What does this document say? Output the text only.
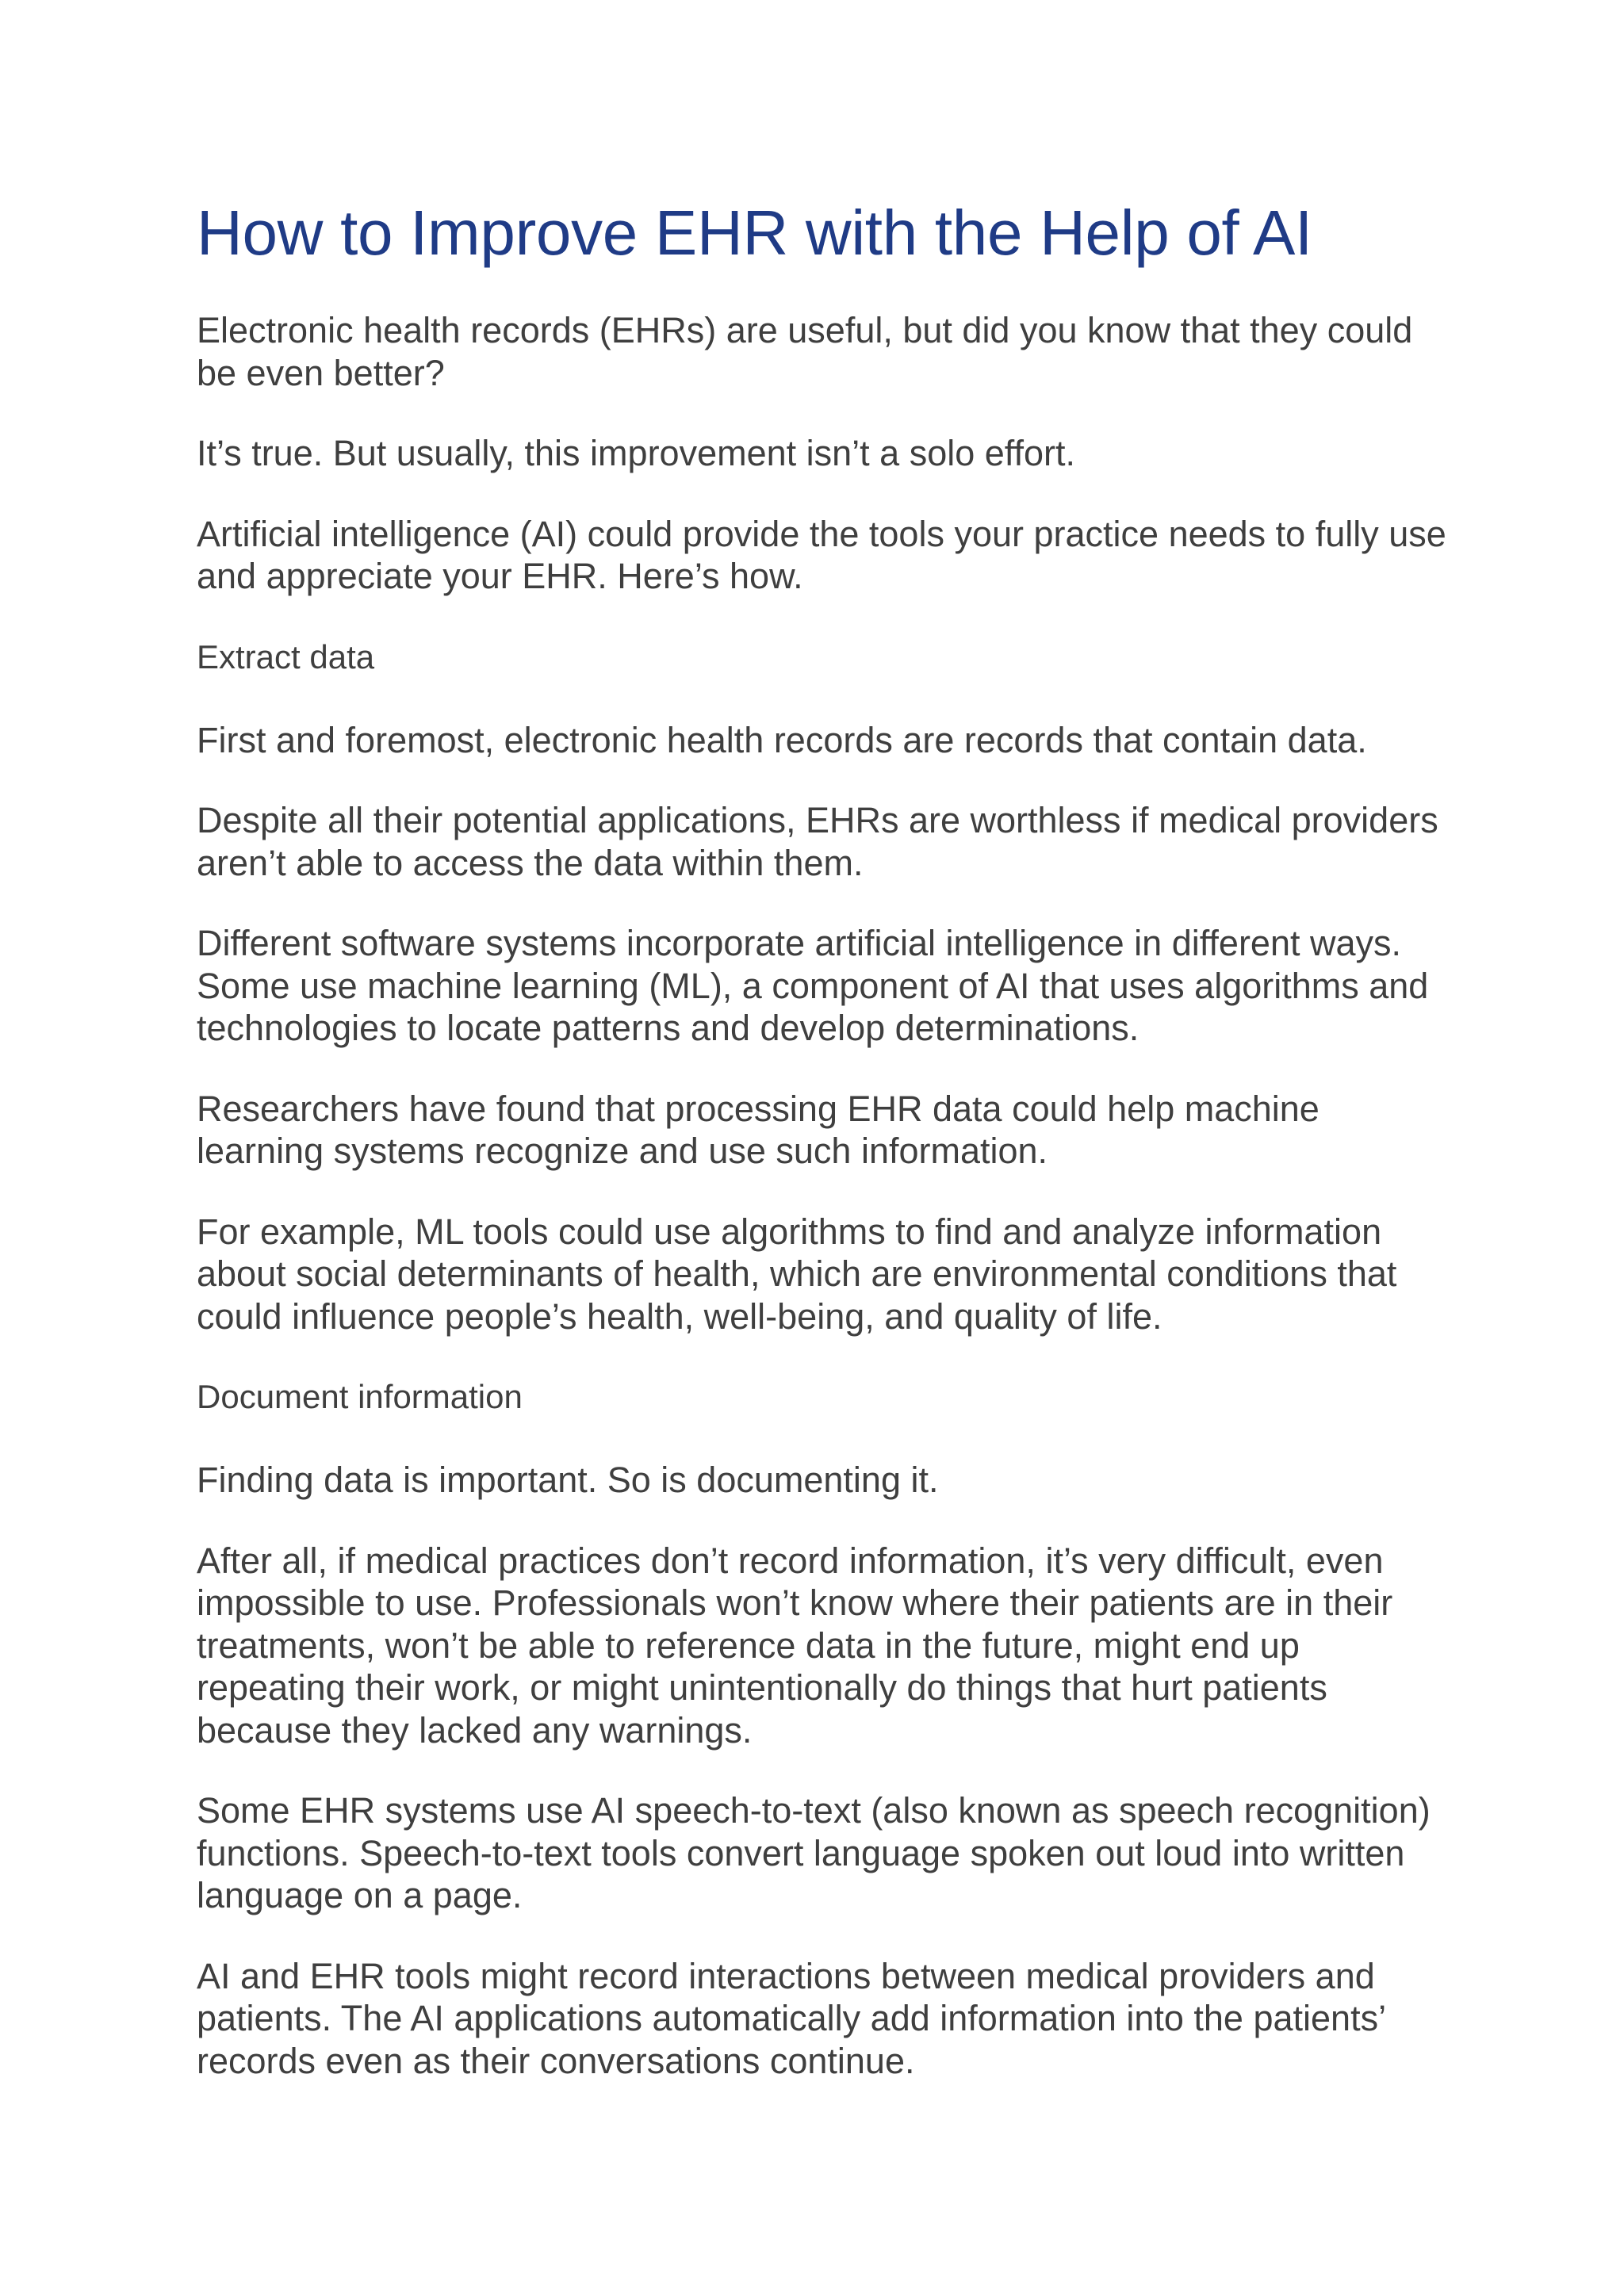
How to Improve EHR with the Help of AI

Electronic health records (EHRs) are useful, but did you know that they could be even better?

It’s true. But usually, this improvement isn’t a solo effort.

Artificial intelligence (AI) could provide the tools your practice needs to fully use and appreciate your EHR. Here’s how.

Extract data

First and foremost, electronic health records are records that contain data.

Despite all their potential applications, EHRs are worthless if medical providers aren’t able to access the data within them.

Different software systems incorporate artificial intelligence in different ways. Some use machine learning (ML), a component of AI that uses algorithms and technologies to locate patterns and develop determinations.

Researchers have found that processing EHR data could help machine learning systems recognize and use such information.

For example, ML tools could use algorithms to find and analyze information about social determinants of health, which are environmental conditions that could influence people’s health, well-being, and quality of life.

Document information

Finding data is important. So is documenting it.

After all, if medical practices don’t record information, it’s very difficult, even impossible to use. Professionals won’t know where their patients are in their treatments, won’t be able to reference data in the future, might end up repeating their work, or might unintentionally do things that hurt patients because they lacked any warnings.

Some EHR systems use AI speech-to-text (also known as speech recognition) functions. Speech-to-text tools convert language spoken out loud into written language on a page.

AI and EHR tools might record interactions between medical providers and patients. The AI applications automatically add information into the patients’ records even as their conversations continue.
